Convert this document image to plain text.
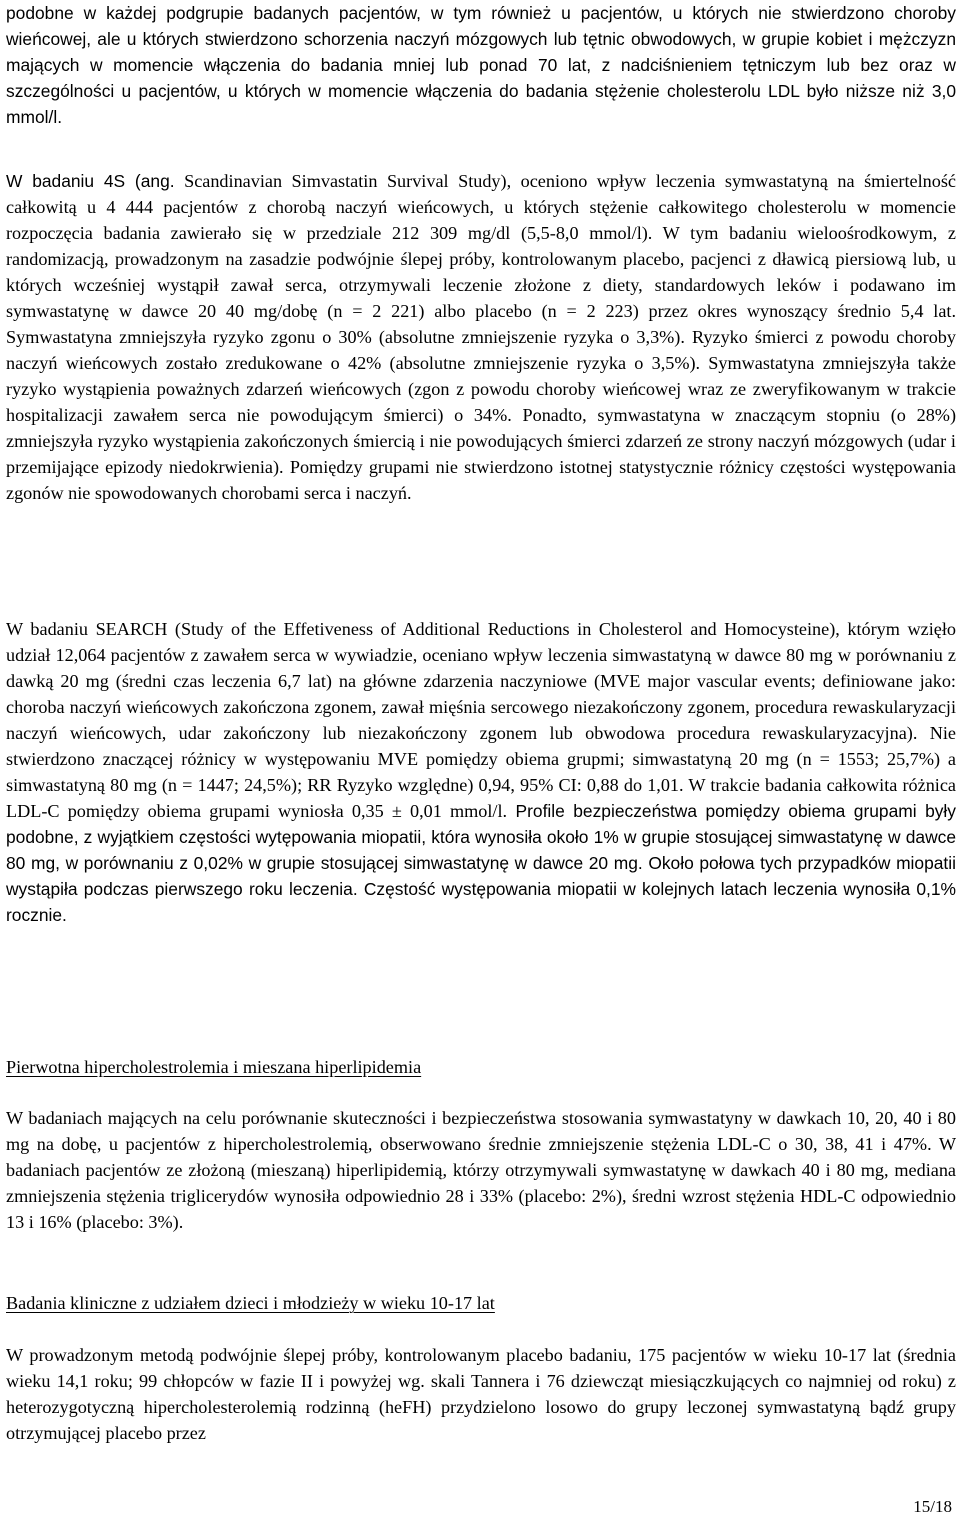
podobne w każdej podgrupie badanych pacjentów, w tym również u pacjentów, u których nie stwierdzono choroby wieńcowej, ale u których stwierdzono schorzenia naczyń mózgowych lub tętnic obwodowych, w grupie kobiet i mężczyzn mających w momencie włączenia do badania mniej lub ponad 70 lat, z nadciśnieniem tętniczym lub bez oraz w szczególności u pacjentów, u których w momencie włączenia do badania stężenie cholesterolu LDL było niższe niż 3,0 mmol/l.

W badaniu 4S (ang. Scandinavian Simvastatin Survival Study), oceniono wpływ leczenia symwastatyną na śmiertelność całkowitą u 4 444 pacjentów z chorobą naczyń wieńcowych, u których stężenie całkowitego cholesterolu w momencie rozpoczęcia badania zawierało się w przedziale 212 309 mg/dl (5,5-8,0 mmol/l). W tym badaniu wieloośrodkowym, z randomizacją, prowadzonym na zasadzie podwójnie ślepej próby, kontrolowanym placebo, pacjenci z dławicą piersiową lub, u których wcześniej wystąpił zawał serca, otrzymywali leczenie złożone z diety, standardowych leków i podawano im symwastatynę w dawce 20 40 mg/dobę (n = 2 221) albo placebo (n = 2 223) przez okres wynoszący średnio 5,4 lat. Symwastatyna zmniejszyła ryzyko zgonu o 30% (absolutne zmniejszenie ryzyka o 3,3%). Ryzyko śmierci z powodu choroby naczyń wieńcowych zostało zredukowane o 42% (absolutne zmniejszenie ryzyka o 3,5%). Symwastatyna zmniejszyła także ryzyko wystąpienia poważnych zdarzeń wieńcowych (zgon z powodu choroby wieńcowej wraz ze zweryfikowanym w trakcie hospitalizacji zawałem serca nie powodującym śmierci) o 34%. Ponadto, symwastatyna w znaczącym stopniu (o 28%) zmniejszyła ryzyko wystąpienia zakończonych śmiercią i nie powodujących śmierci zdarzeń ze strony naczyń mózgowych (udar i przemijające epizody niedokrwienia). Pomiędzy grupami nie stwierdzono istotnej statystycznie różnicy częstości występowania zgonów nie spowodowanych chorobami serca i naczyń.

W badaniu SEARCH (Study of the Effetiveness of Additional Reductions in Cholesterol and Homocysteine), którym wzięło udział 12,064 pacjentów z zawałem serca w wywiadzie, oceniano wpływ leczenia simwastatyną w dawce 80 mg w porównaniu z dawką 20 mg (średni czas leczenia 6,7 lat) na główne zdarzenia naczyniowe (MVE major vascular events; definiowane jako: choroba naczyń wieńcowych zakończona zgonem, zawał mięśnia sercowego niezakończony zgonem, procedura rewaskularyzacji naczyń wieńcowych, udar zakończony lub niezakończony zgonem lub obwodowa procedura rewaskularyzacyjna). Nie stwierdzono znaczącej różnicy w występowaniu MVE pomiędzy obiema grupmi; simwastatyną 20 mg (n = 1553; 25,7%) a simwastatyną 80 mg (n = 1447; 24,5%); RR Ryzyko względne) 0,94, 95% CI: 0,88 do 1,01. W trakcie badania całkowita różnica LDL-C pomiędzy obiema grupami wyniosła 0,35 ± 0,01 mmol/l. Profile bezpieczeństwa pomiędzy obiema grupami były podobne, z wyjątkiem częstości wytępowania miopatii, która wynosiła około 1% w grupie stosującej simwastatynę w dawce 80 mg, w porównaniu z 0,02% w grupie stosującej simwastatynę w dawce 20 mg. Około połowa tych przypadków miopatii wystąpiła podczas pierwszego roku leczenia. Częstość występowania miopatii w kolejnych latach leczenia wynosiła 0,1% rocznie.

Pierwotna hipercholestrolemia i mieszana hiperlipidemia

W badaniach mających na celu porównanie skuteczności i bezpieczeństwa stosowania symwastatyny w dawkach 10, 20, 40 i 80 mg na dobę, u pacjentów z hipercholestrolemią, obserwowano średnie zmniejszenie stężenia LDL-C o 30, 38, 41 i 47%. W badaniach pacjentów ze złożoną (mieszaną) hiperlipidemią, którzy otrzymywali symwastatynę w dawkach 40 i 80 mg, mediana zmniejszenia stężenia triglicerydów wynosiła odpowiednio 28 i 33% (placebo: 2%), średni wzrost stężenia HDL-C odpowiednio 13 i 16% (placebo: 3%).

Badania kliniczne z udziałem dzieci i młodzieży w wieku 10-17 lat

W prowadzonym metodą podwójnie ślepej próby, kontrolowanym placebo badaniu, 175 pacjentów w wieku 10-17 lat (średnia wieku 14,1 roku; 99 chłopców w fazie II i powyżej wg. skali Tannera i 76 dziewcząt miesiączkujących co najmniej od roku) z heterozygotyczną hipercholesterolemią rodzinną (heFH) przydzielono losowo do grupy leczonej symwastatyną bądź grupy otrzymującej placebo przez

15/18
